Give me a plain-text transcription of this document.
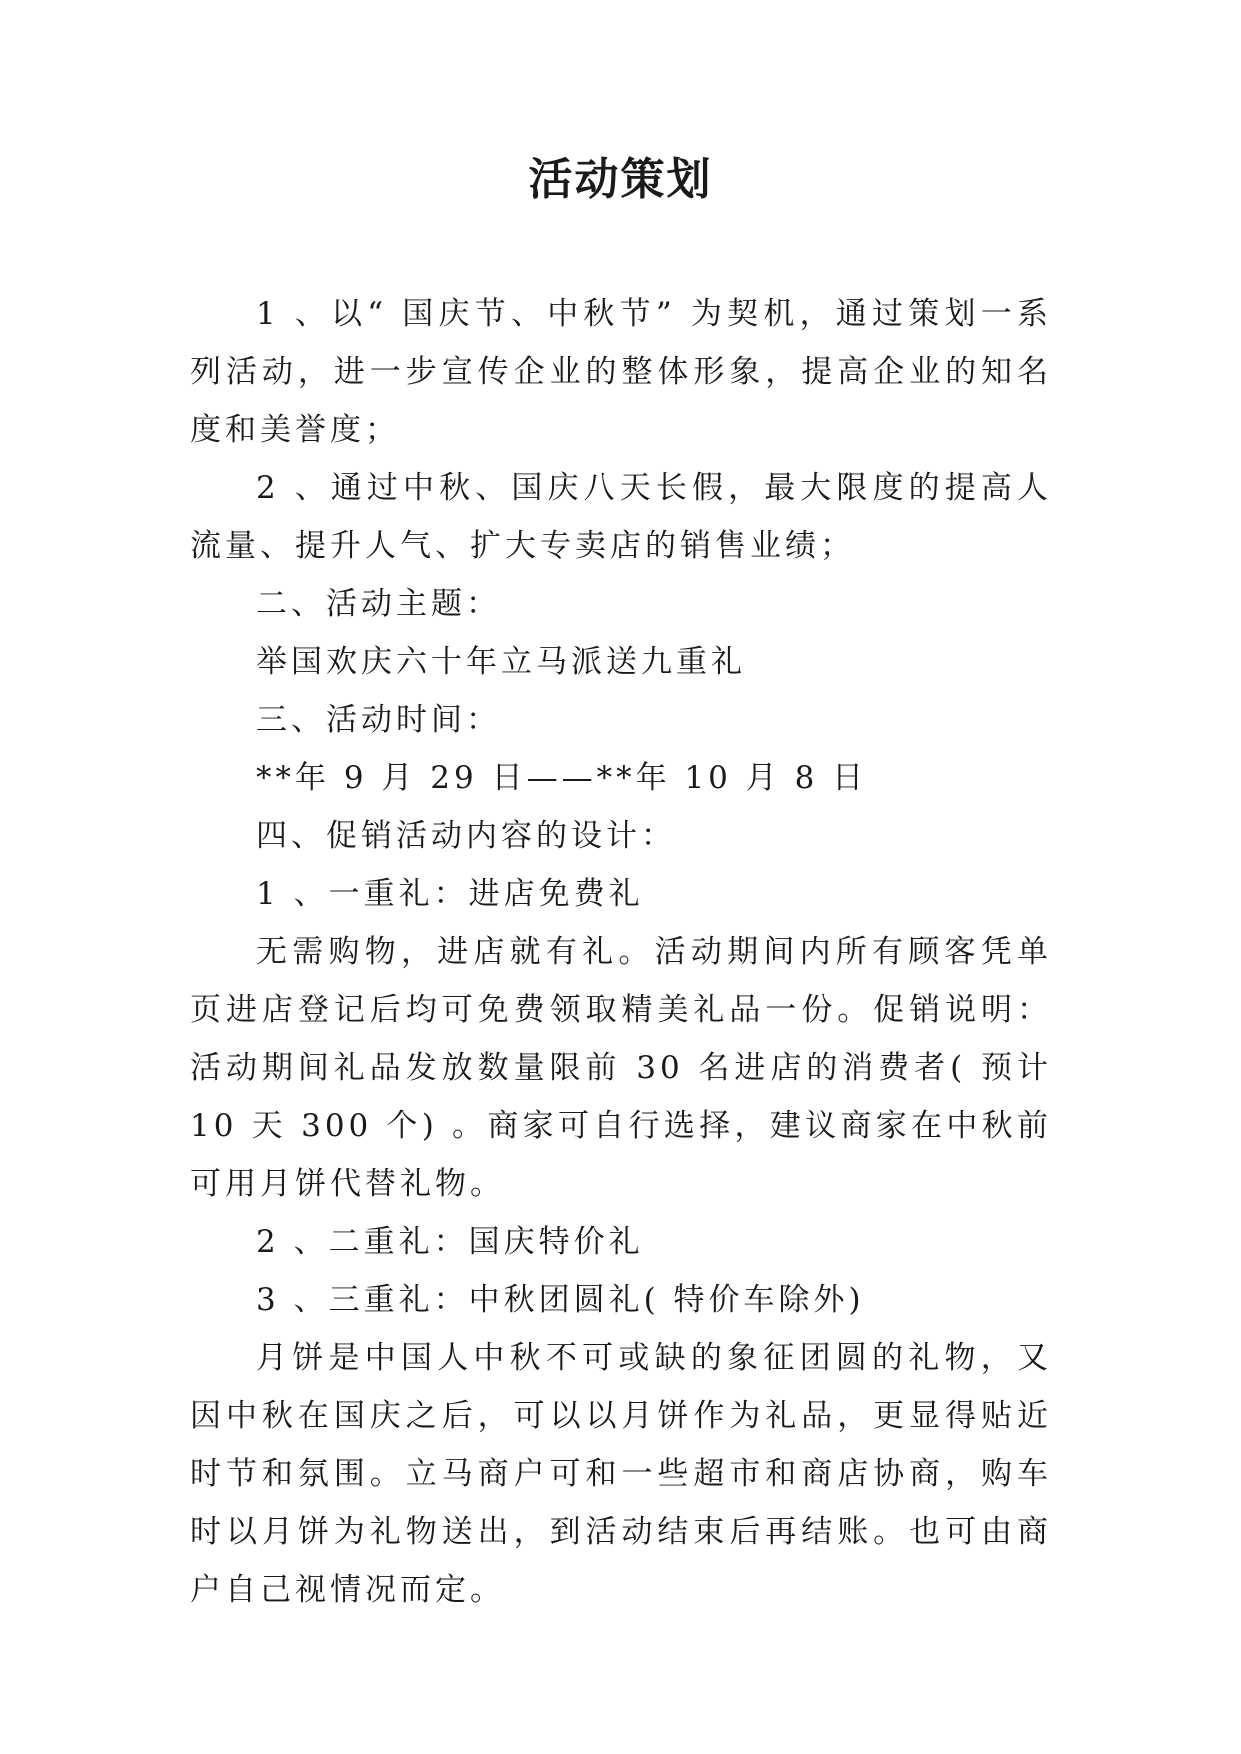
活动策划

1 、以“ 国庆节、中秋节” 为契机，通过策划一系列活动，进一步宣传企业的整体形象，提高企业的知名度和美誉度；

2 、通过中秋、国庆八天长假，最大限度的提高人流量、提升人气、扩大专卖店的销售业绩；

二、活动主题：

举国欢庆六十年立马派送九重礼

三、活动时间：

**年 9 月 29 日——**年 10 月 8 日

四、促销活动内容的设计：

1 、一重礼：进店免费礼

无需购物，进店就有礼。活动期间内所有顾客凭单页进店登记后均可免费领取精美礼品一份。促销说明：活动期间礼品发放数量限前 30 名进店的消费者( 预计 10 天 300 个) 。商家可自行选择，建议商家在中秋前可用月饼代替礼物。

2 、二重礼：国庆特价礼

3 、三重礼：中秋团圆礼( 特价车除外)

月饼是中国人中秋不可或缺的象征团圆的礼物，又因中秋在国庆之后，可以以月饼作为礼品，更显得贴近时节和氛围。立马商户可和一些超市和商店协商，购车时以月饼为礼物送出，到活动结束后再结账。也可由商户自己视情况而定。
